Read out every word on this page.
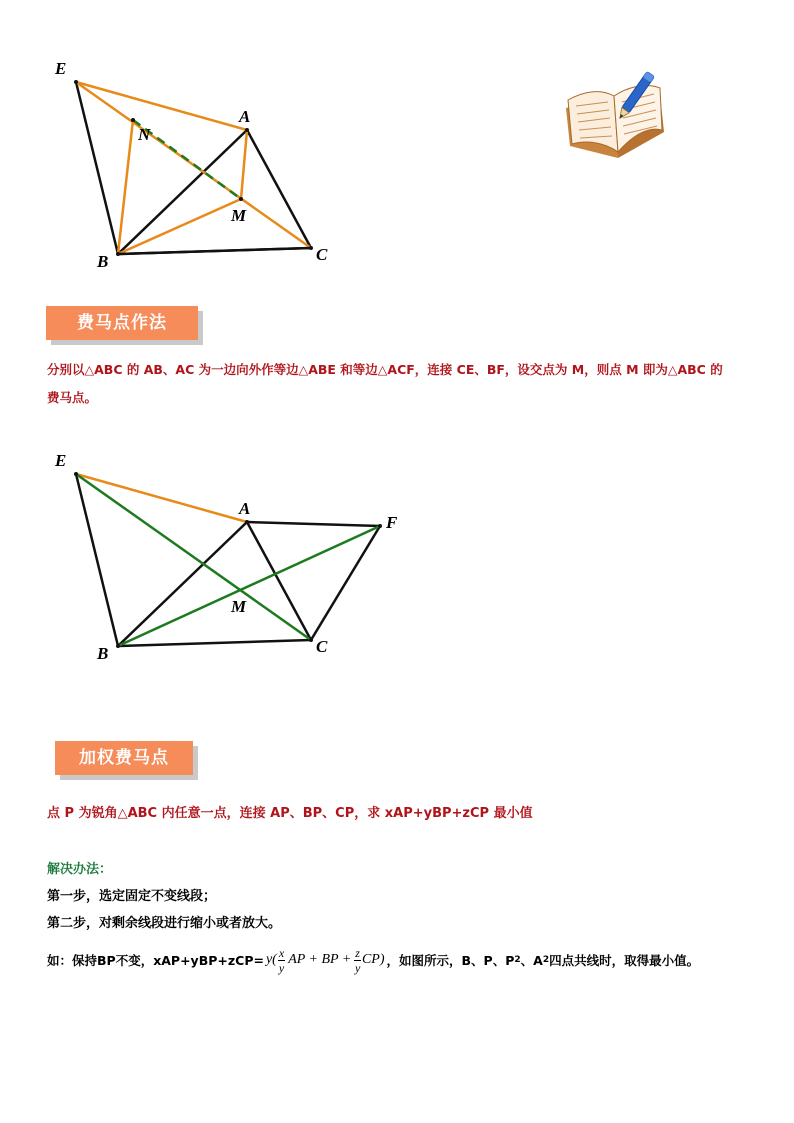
E
N
A
M
B	C
费马点作法
分别以△ABC 的 AB、AC 为一边向外作等边△ABE 和等边△ACF，连接 CE、BF，设交点为 M，则点 M 即为△ABC 的
费马点。
E
A
F
M
B	C
加权费马点
点 P 为锐角△ABC 内任意一点，连接 AP、BP、CP，求 xAP+yBP+zCP 最小值
解决办法：
第一步，选定固定不变线段；
第二步，对剩余线段进行缩小或者放大。
如：保持BP不变，$xAP+yBP+zCP= y( \frac{x}{y}$ AP + BP + $\frac{z}{y} CP$) ，如图所示，B、P、P 2 、A 2 四点共线时，取得最小值。
